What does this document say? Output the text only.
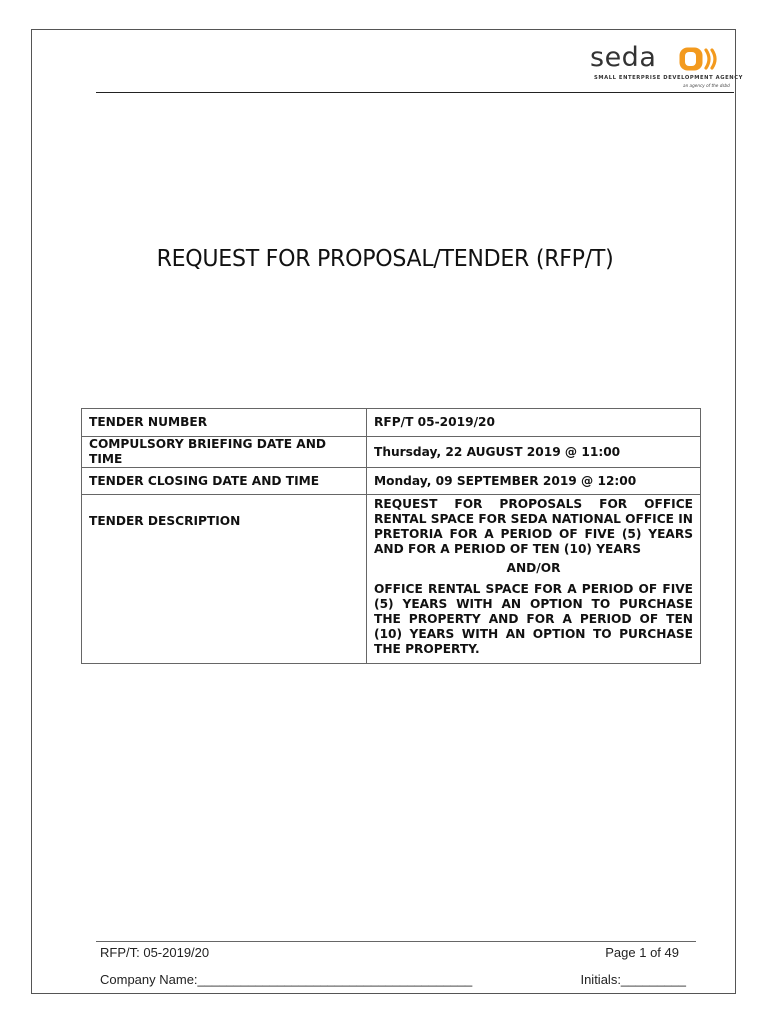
seda
SMALL ENTERPRISE DEVELOPMENT AGENCY
an agency of the dsbd
REQUEST FOR PROPOSAL/TENDER (RFP/T)
TENDER NUMBER	RFP/T 05-2019/20
COMPULSORY BRIEFING DATE AND TIME	Thursday, 22 AUGUST 2019 @ 11:00
TENDER CLOSING DATE AND TIME	Monday, 09 SEPTEMBER 2019 @ 12:00
TENDER DESCRIPTION	REQUEST FOR PROPOSALS FOR OFFICE RENTAL SPACE FOR SEDA NATIONAL OFFICE IN PRETORIA FOR A PERIOD OF FIVE (5) YEARS AND FOR A PERIOD OF TEN (10) YEARS

AND/OR

OFFICE RENTAL SPACE FOR A PERIOD OF FIVE (5) YEARS WITH AN OPTION TO PURCHASE THE PROPERTY AND FOR A PERIOD OF TEN (10) YEARS WITH AN OPTION TO PURCHASE THE PROPERTY.

RFP/T: 05-2019/20	Page 1 of 49
Company Name:______________________________________	Initials:_________
